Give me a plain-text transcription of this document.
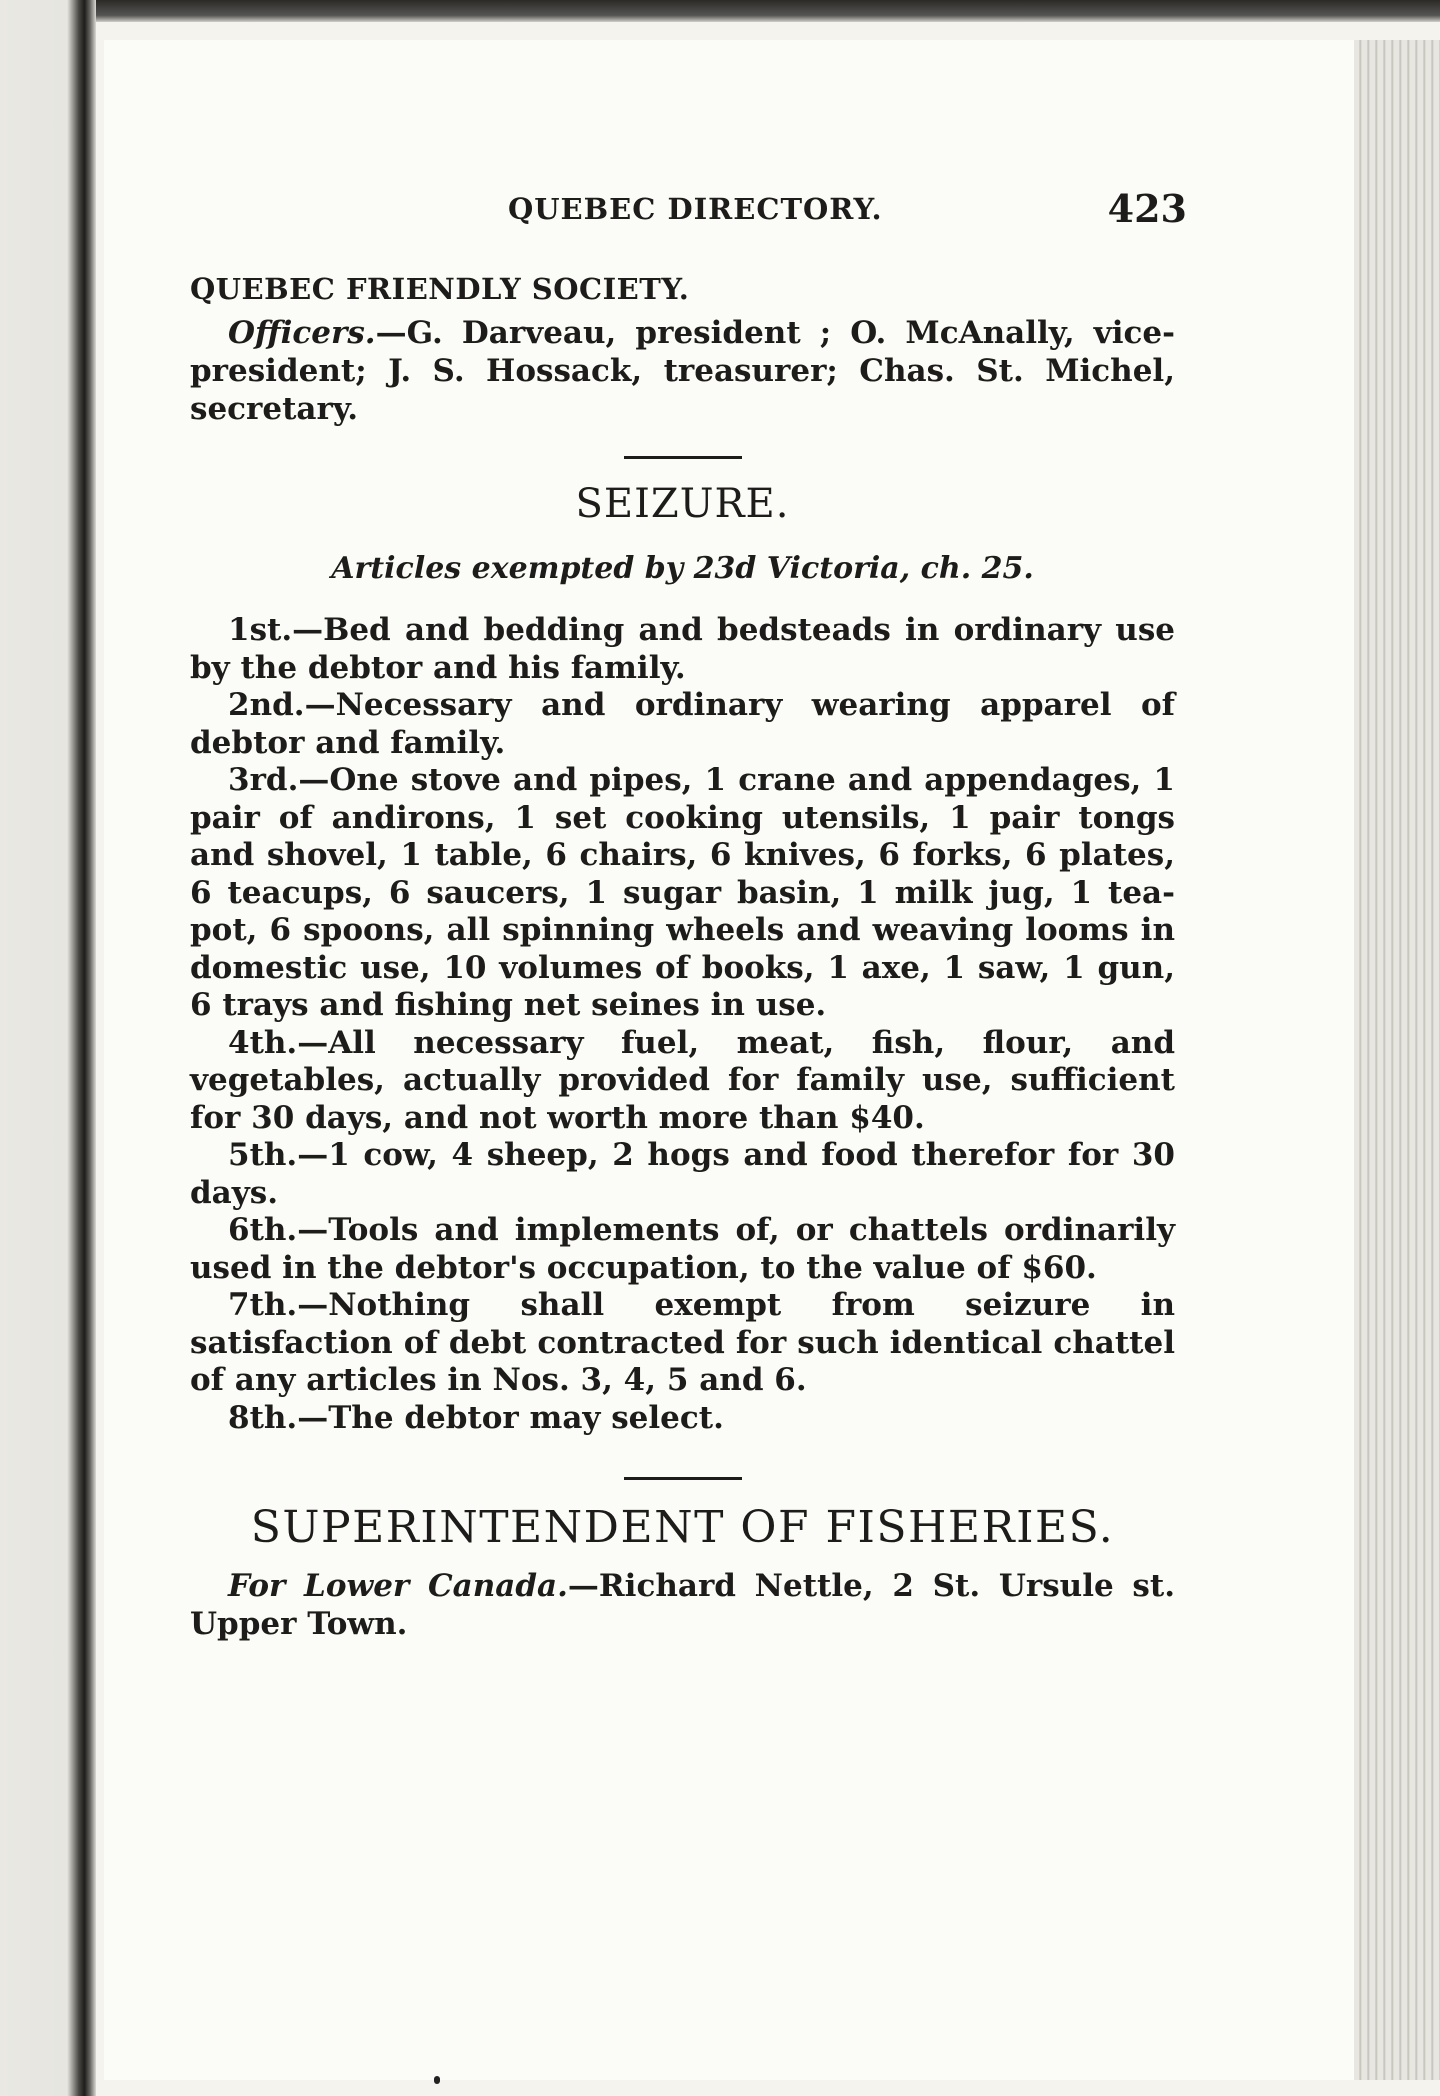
QUEBEC DIRECTORY.	423
QUEBEC FRIENDLY SOCIETY.

Officers.—G. Darveau, president ; O. McAnally, vice-president; J. S. Hossack, treasurer; Chas. St. Michel, secretary.

SEIZURE.
Articles exempted by 23d Victoria, ch. 25.

1st.—Bed and bedding and bedsteads in ordinary use by the debtor and his family.

2nd.—Necessary and ordinary wearing apparel of debtor and family.

3rd.—One stove and pipes, 1 crane and appendages, 1 pair of andirons, 1 set cooking utensils, 1 pair tongs and shovel, 1 table, 6 chairs, 6 knives, 6 forks, 6 plates, 6 teacups, 6 saucers, 1 sugar basin, 1 milk jug, 1 tea-pot, 6 spoons, all spinning wheels and weaving looms in domestic use, 10 volumes of books, 1 axe, 1 saw, 1 gun, 6 trays and fishing net seines in use.

4th.—All necessary fuel, meat, fish, flour, and vegetables, actually provided for family use, sufficient for 30 days, and not worth more than $40.

5th.—1 cow, 4 sheep, 2 hogs and food therefor for 30 days.

6th.—Tools and implements of, or chattels ordinarily used in the debtor's occupation, to the value of $60.

7th.—Nothing shall exempt from seizure in satisfaction of debt contracted for such identical chattel of any articles in Nos. 3, 4, 5 and 6.

8th.—The debtor may select.

SUPERINTENDENT OF FISHERIES.

For Lower Canada.—Richard Nettle, 2 St. Ursule st. Upper Town.
